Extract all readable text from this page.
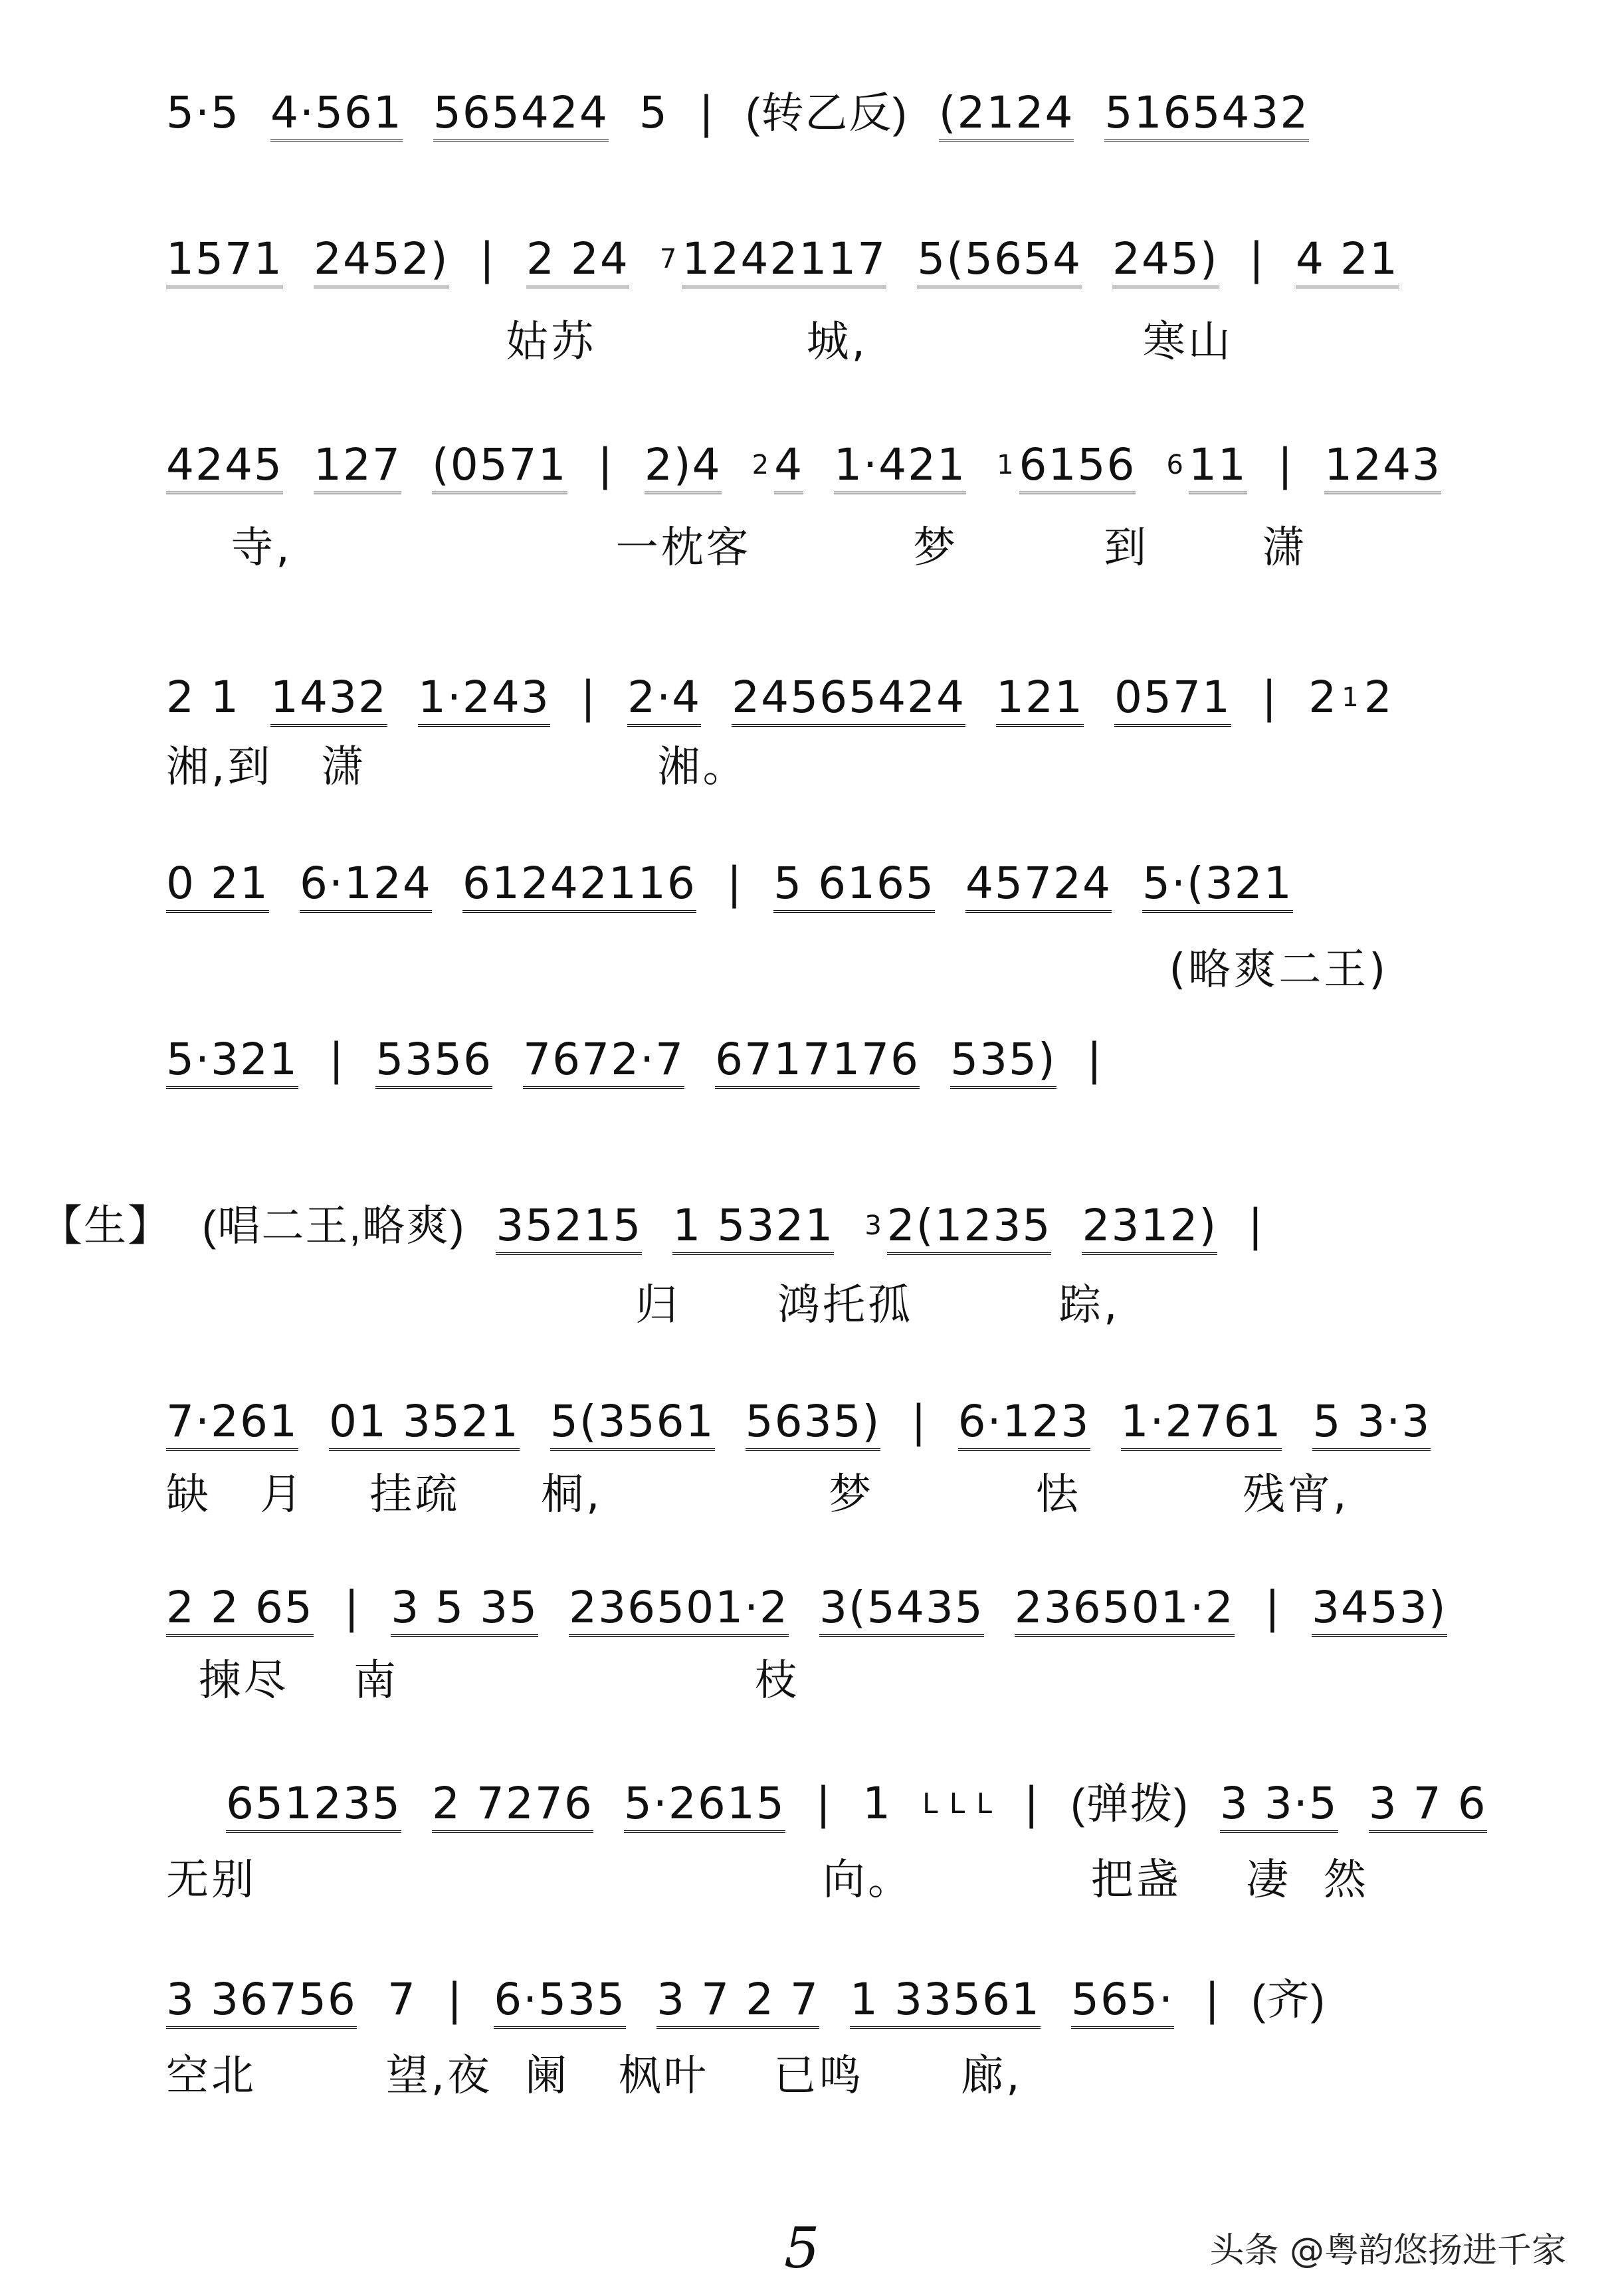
5·5 4·561 565424 5 | (转乙反) (2124 5165432
1571 2452) | 2 24 7 1242117 5(5654 245) | 4 21
姑苏             城,                 寒山
4245 127 (0571 | 2)4 2 4 1·421 1 6156 6 11 | 1243
寺,                    一枕客          梦         到       潇
2 1 1432 1·243 | 2·4 24565424 121 0571 | 2 1 2
湘,到   潇                  湘。
0 21 6·124 61242116 | 5 6165 45724 5·(321
(略爽二王)
5·321 | 5356 7672·7 6717176 535) |
【生】 (唱二王,略爽) 35215 1 5321 3 2(1235 2312) |
归      鸿托孤         踪,
7·261 01 3521 5(3561 5635) | 6·123 1·2761 5 3·3
缺   月    挂疏     桐,              梦          怯          残宵,
2 2 65 | 3 5 35 236501·2 3(5435 236501·2 | 3453)
揀尽    南                      枝
651235 2 7276 5·2615 | 1 L L L | (弹拨) 3 3·5 3 7 6
无别                                   向。           把盏    凄  然
3 36756 7 | 6·535 3 7 2 7 1 33561 565· | (齐)
空北        望,夜  阑   枫叶    已鸣      廊,
5	头条 @粤韵悠扬进千家
